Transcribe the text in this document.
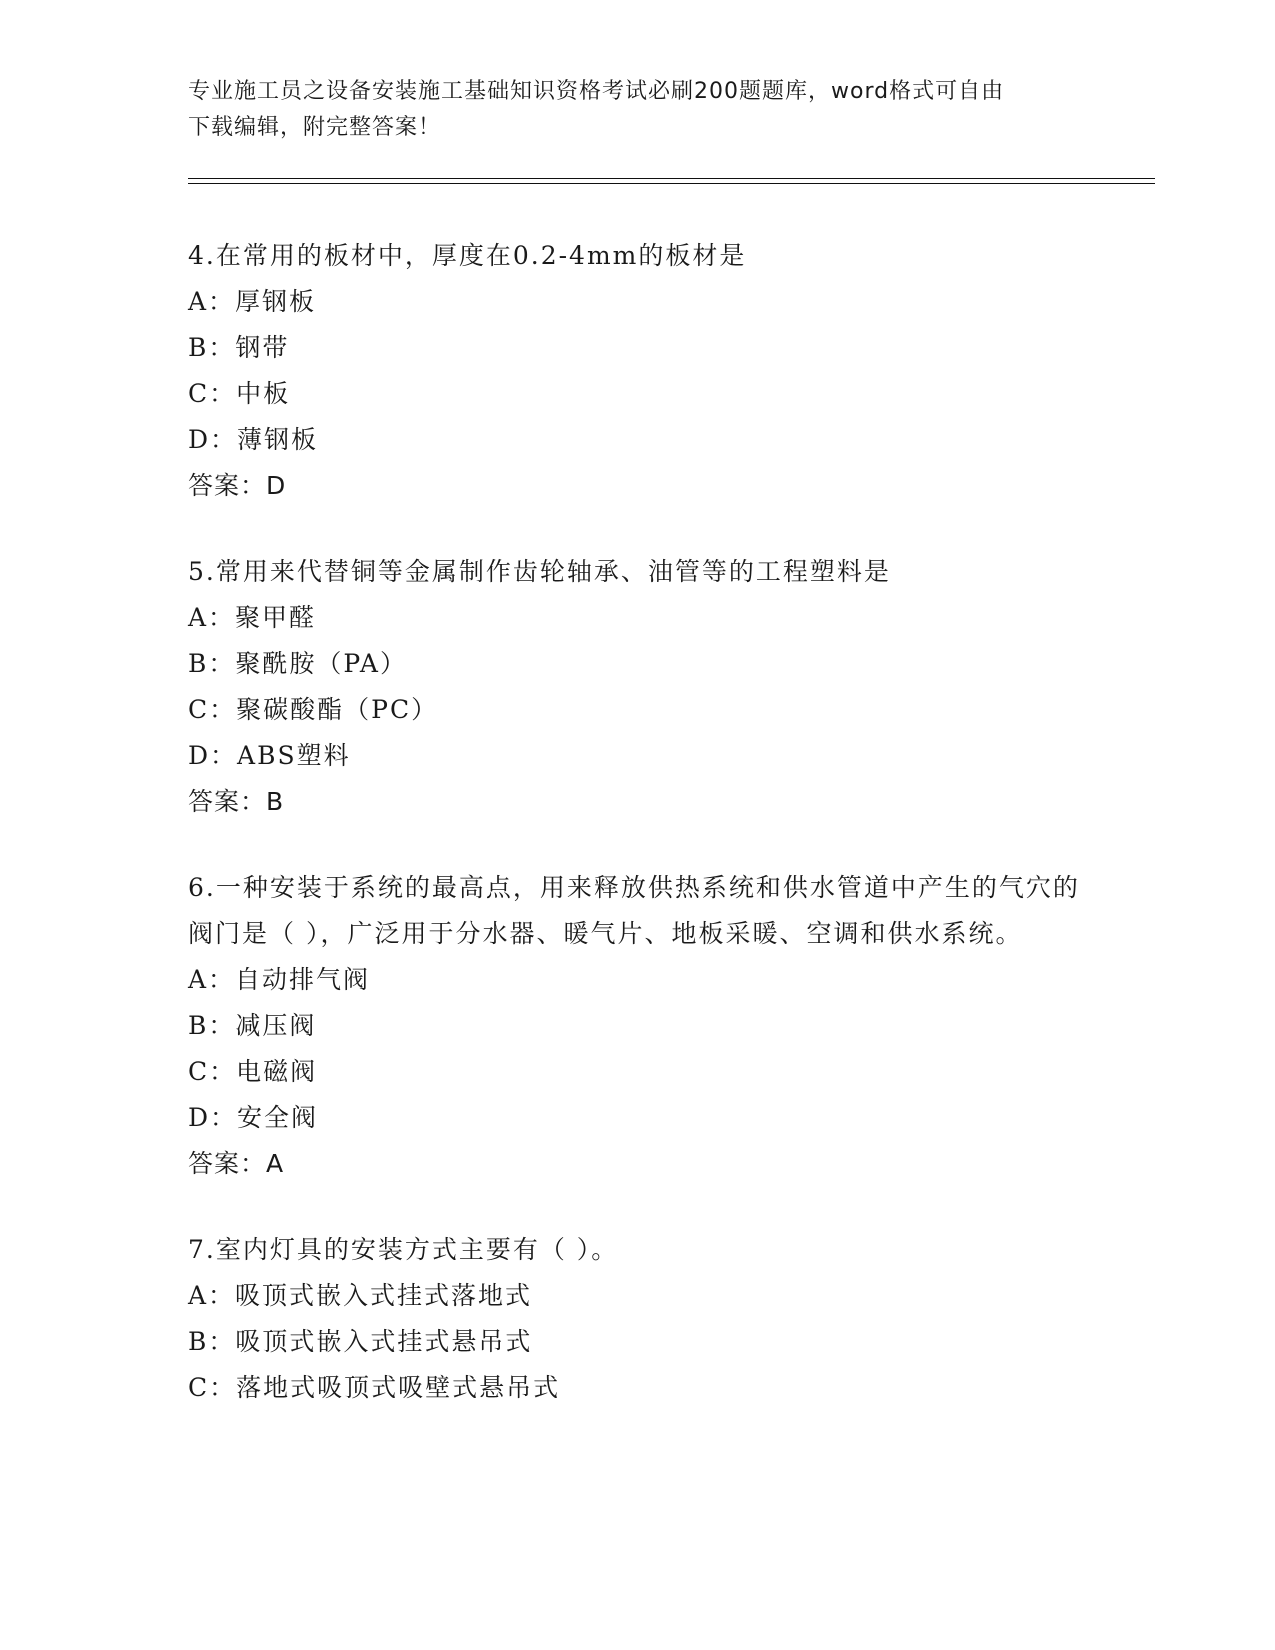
专业施工员之设备安装施工基础知识资格考试必刷200题题库，word格式可自由
下载编辑，附完整答案！

4.在常用的板材中，厚度在0.2-4mm的板材是

A：厚钢板

B：钢带

C：中板

D：薄钢板

答案：D

5.常用来代替铜等金属制作齿轮轴承、油管等的工程塑料是

A：聚甲醛

B：聚酰胺（PA）

C：聚碳酸酯（PC）

D：ABS塑料

答案：B

6.一种安装于系统的最高点，用来释放供热系统和供水管道中产生的气穴的阀门是（ ），广泛用于分水器、暖气片、地板采暖、空调和供水系统。

A：自动排气阀

B：减压阀

C：电磁阀

D：安全阀

答案：A

7.室内灯具的安装方式主要有（ ）。

A：吸顶式嵌入式挂式落地式

B：吸顶式嵌入式挂式悬吊式

C：落地式吸顶式吸壁式悬吊式
